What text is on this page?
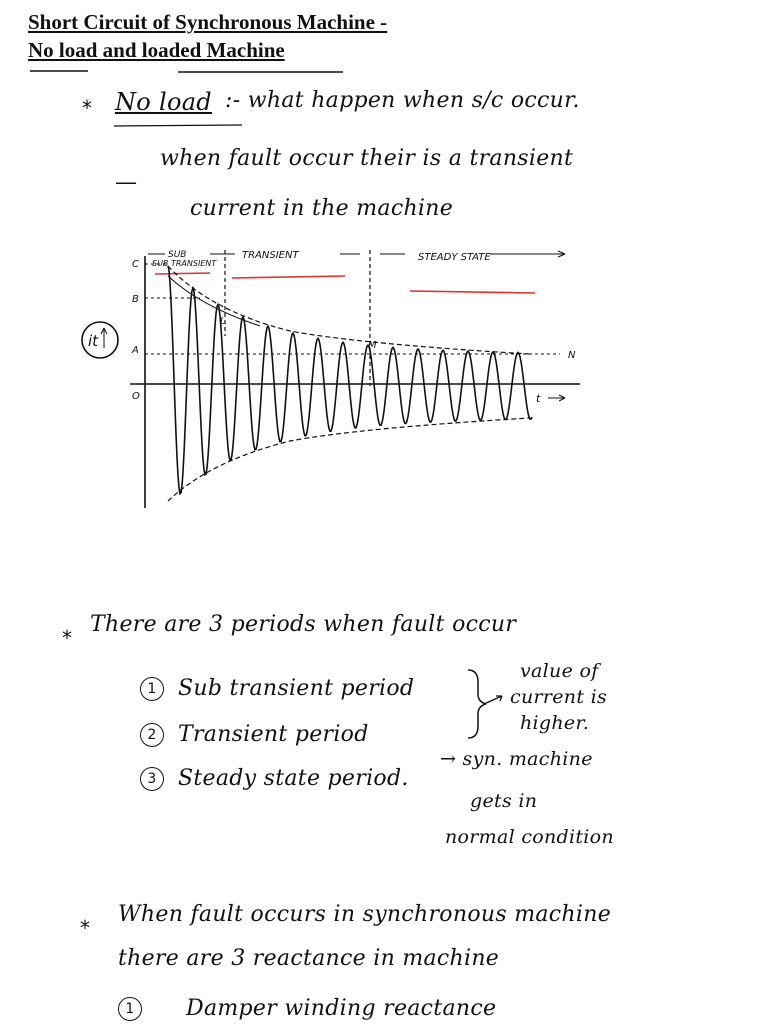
Short Circuit of Synchronous Machine -
No load and loaded Machine
* No load :- what happen when s/c occur.
—
when fault occur their is a transient
current in the machine
SUB
SUB TRANSIENT
TRANSIENT	STEADY STATE
C
B
A
O
L
M
N
t
it
*
There are 3 periods when fault occur
1 Sub transient period
2 Transient period
3 Steady state period.
value of
current is
higher.
→ syn. machine
gets in
normal condition
*
When fault occurs in synchronous machine
there are 3 reactance in machine
1 Damper winding reactance
